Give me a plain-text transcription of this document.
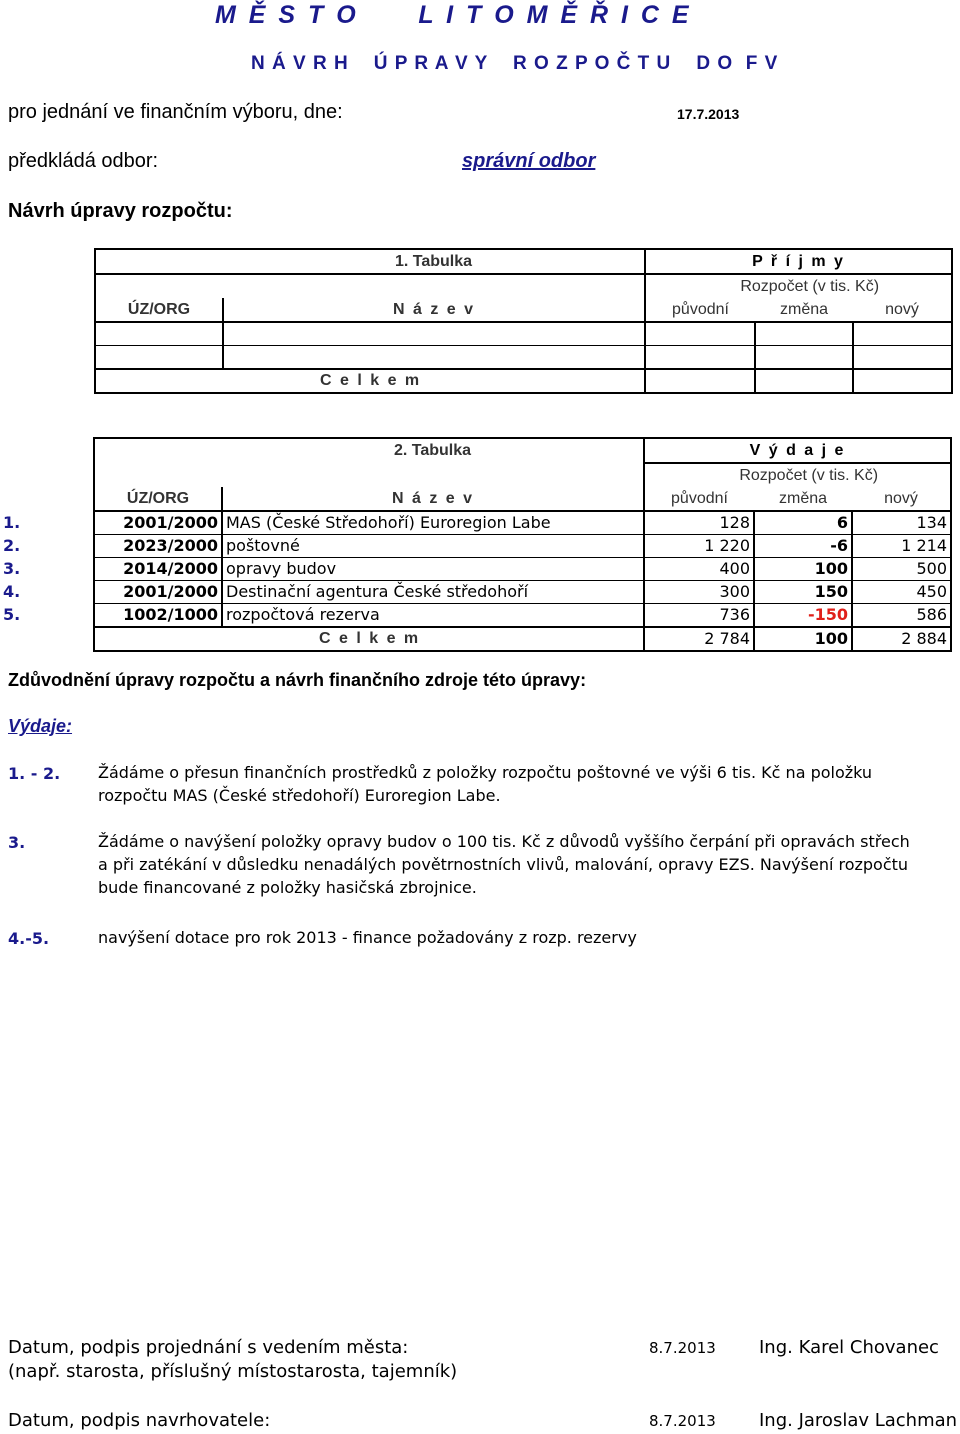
M Ě S T O      L I T O M Ě Ř I C E
N Á V R H    Ú P R A V Y    R O Z P O Č T U    D O  F V
pro jednání ve finančním výboru, dne:	17.7.2013
předkládá odbor:	správní odbor
Návrh úpravy rozpočtu:
	1. Tabulka	P ř í j m y		
		Rozpočet (v tis. Kč)		
ÚZ/ORG	N á z e v	původní	změna	nový

	C e l k e m			
		2. Tabulka	V ý d a j e		
			Rozpočet (v tis. Kč)		
	ÚZ/ORG	N á z e v	původní	změna	nový
1.	2001/2000	MAS (České Středohoří) Euroregion Labe	128	6	134
2.	2023/2000	poštovné	1 220	-6	1 214
3.	2014/2000	opravy budov	400	100	500
4.	2001/2000	Destinační agentura České středohoří	300	150	450
5.	1002/1000	rozpočtová rezerva	736	-150	586
		C e l k e m	2 784	100	2 884
Zdůvodnění úpravy rozpočtu a návrh finančního zdroje této úpravy:
Výdaje:
1. - 2. Žádáme o přesun finančních prostředků z položky rozpočtu poštovné ve výši 6 tis. Kč na položku rozpočtu MAS (České středohoří) Euroregion Labe.
3.	Žádáme o navýšení položky opravy budov o 100 tis. Kč z důvodů vyššího čerpání při opravách střech a při zatékání v důsledku nenadálých povětrnostních vlivů, malování, opravy EZS. Navýšení rozpočtu bude financované z položky hasičská zbrojnice.
4.-5.	navýšení dotace pro rok 2013 - finance požadovány z rozp. rezervy
Datum, podpis projednání s vedením města:	8.7.2013 Ing. Karel Chovanec
(např. starosta, příslušný místostarosta, tajemník)
Datum, podpis navrhovatele:	8.7.2013 Ing. Jaroslav Lachman
